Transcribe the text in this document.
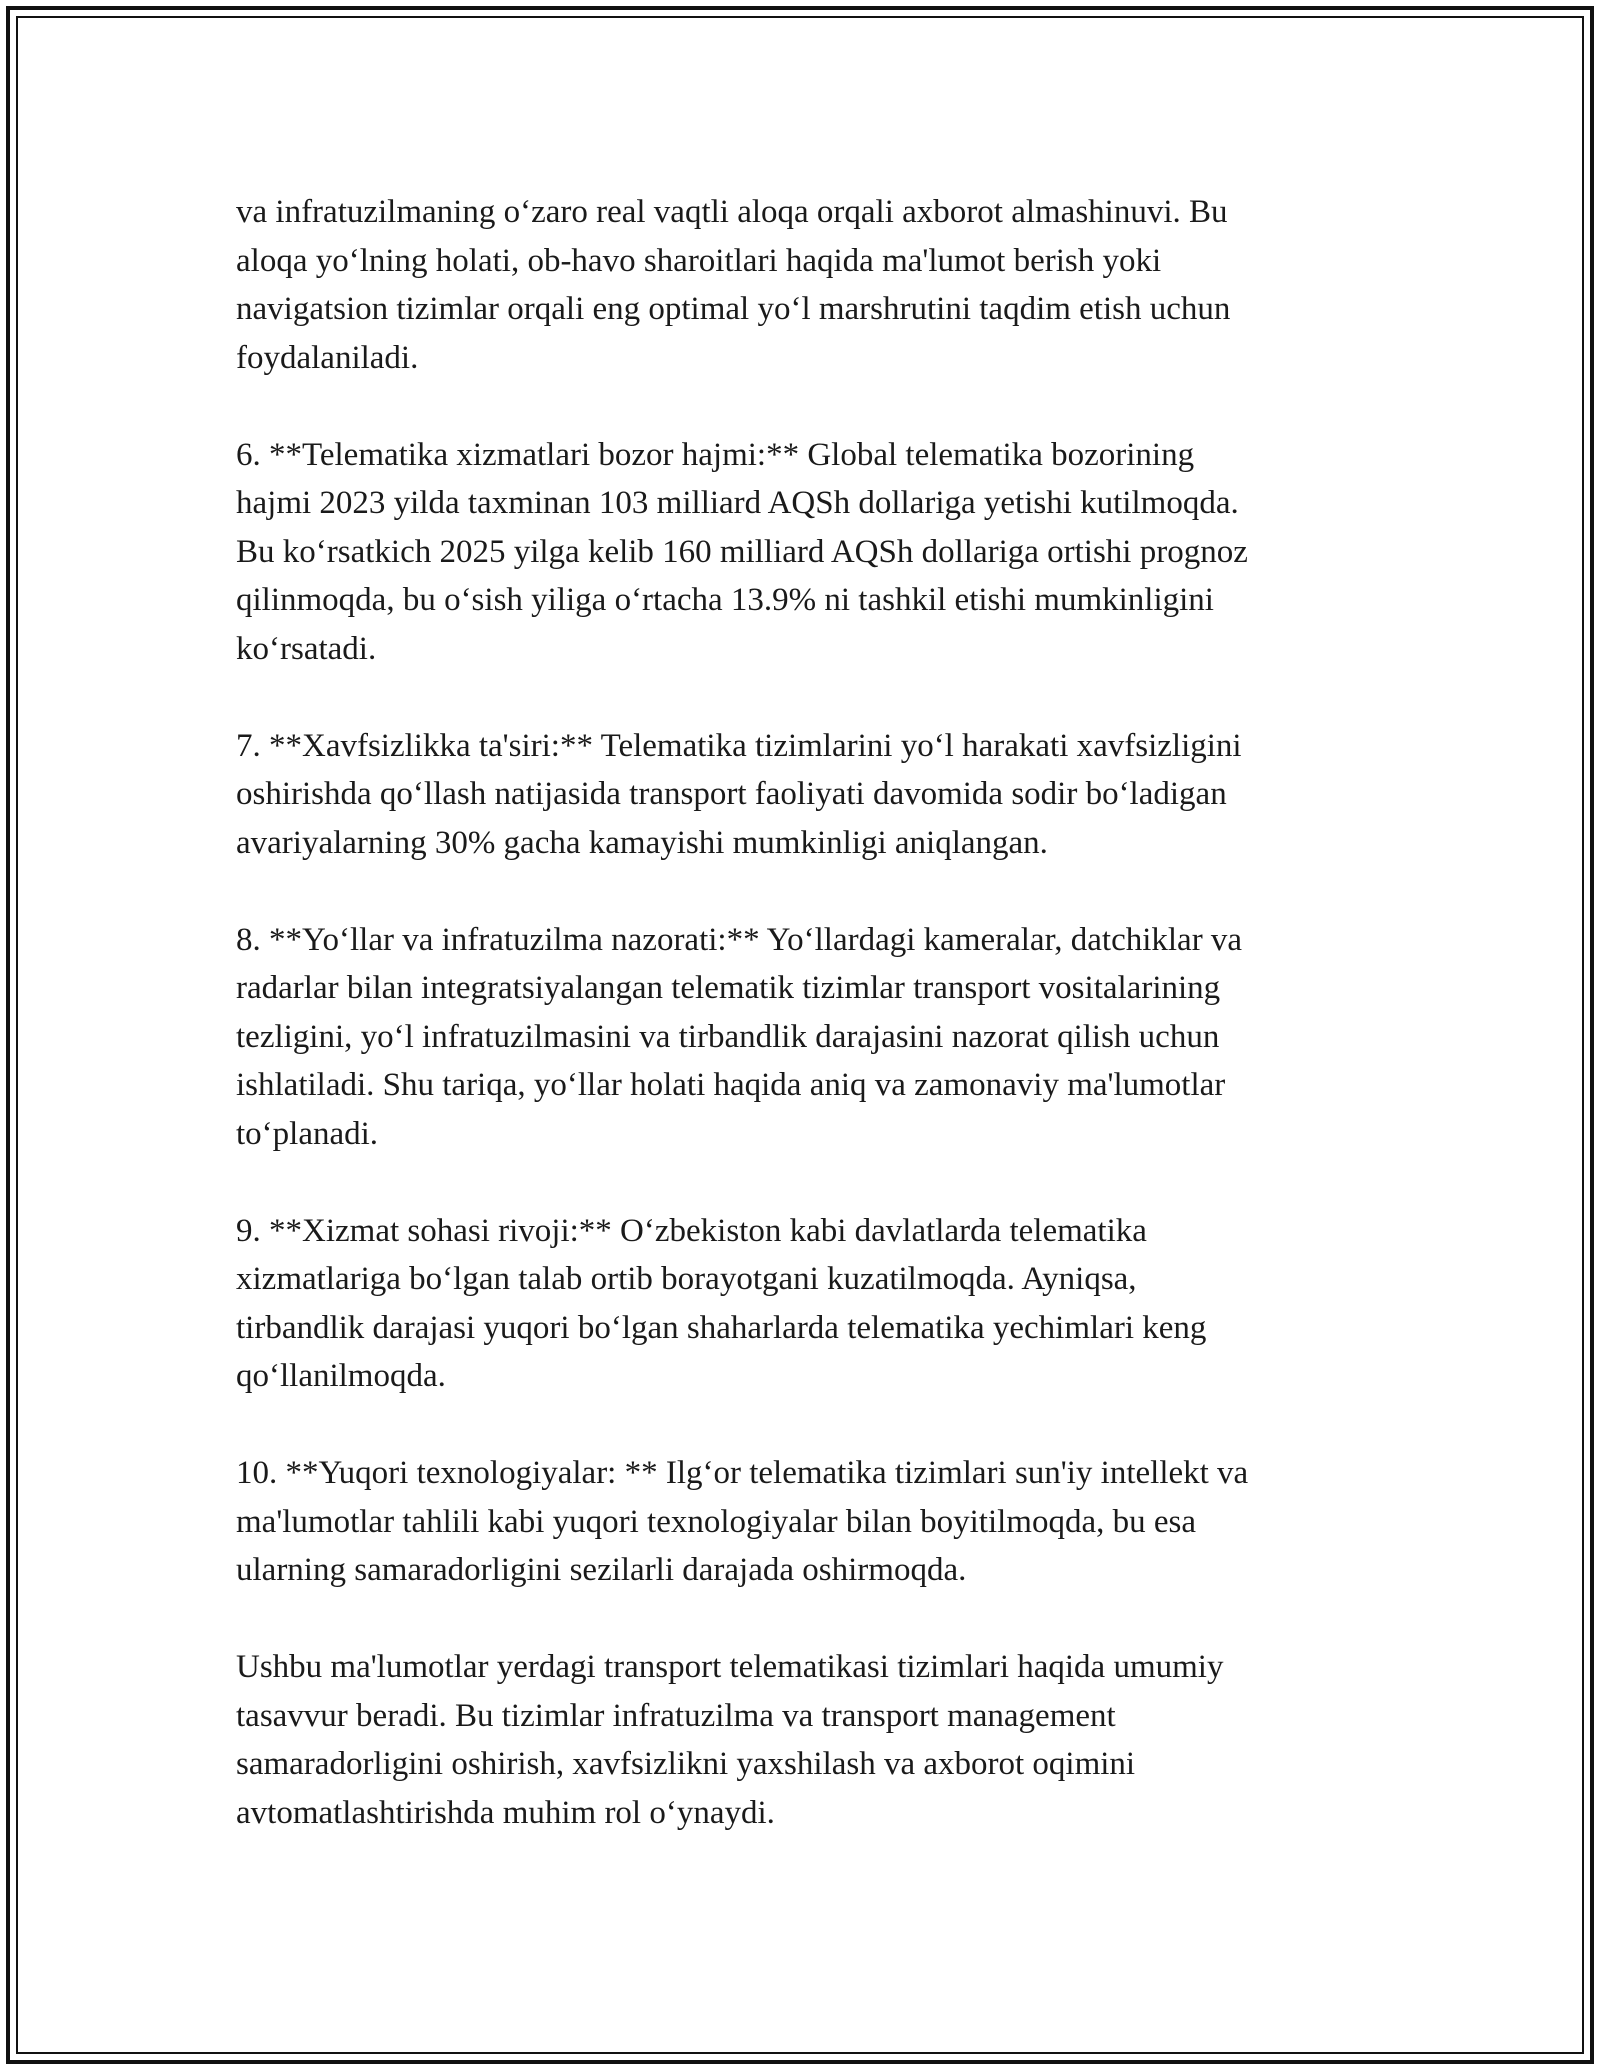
va infratuzilmaning o‘zaro real vaqtli aloqa orqali axborot almashinuvi. Bu
aloqa yo‘lning holati, ob-havo sharoitlari haqida ma'lumot berish yoki
navigatsion tizimlar orqali eng optimal yo‘l marshrutini taqdim etish uchun
foydalaniladi.

6. **Telematika xizmatlari bozor hajmi:** Global telematika bozorining
hajmi 2023 yilda taxminan 103 milliard AQSh dollariga yetishi kutilmoqda.
Bu ko‘rsatkich 2025 yilga kelib 160 milliard AQSh dollariga ortishi prognoz
qilinmoqda, bu o‘sish yiliga o‘rtacha 13.9% ni tashkil etishi mumkinligini
ko‘rsatadi.

7. **Xavfsizlikka ta'siri:** Telematika tizimlarini yo‘l harakati xavfsizligini
oshirishda qo‘llash natijasida transport faoliyati davomida sodir bo‘ladigan
avariyalarning 30% gacha kamayishi mumkinligi aniqlangan.

8. **Yo‘llar va infratuzilma nazorati:** Yo‘llardagi kameralar, datchiklar va
radarlar bilan integratsiyalangan telematik tizimlar transport vositalarining
tezligini, yo‘l infratuzilmasini va tirbandlik darajasini nazorat qilish uchun
ishlatiladi. Shu tariqa, yo‘llar holati haqida aniq va zamonaviy ma'lumotlar
to‘planadi.

9. **Xizmat sohasi rivoji:** O‘zbekiston kabi davlatlarda telematika
xizmatlariga bo‘lgan talab ortib borayotgani kuzatilmoqda. Ayniqsa,
tirbandlik darajasi yuqori bo‘lgan shaharlarda telematika yechimlari keng
qo‘llanilmoqda.

10. **Yuqori texnologiyalar: ** Ilg‘or telematika tizimlari sun'iy intellekt va
ma'lumotlar tahlili kabi yuqori texnologiyalar bilan boyitilmoqda, bu esa
ularning samaradorligini sezilarli darajada oshirmoqda.

Ushbu ma'lumotlar yerdagi transport telematikasi tizimlari haqida umumiy
tasavvur beradi. Bu tizimlar infratuzilma va transport management
samaradorligini oshirish, xavfsizlikni yaxshilash va axborot oqimini
avtomatlashtirishda muhim rol o‘ynaydi.
